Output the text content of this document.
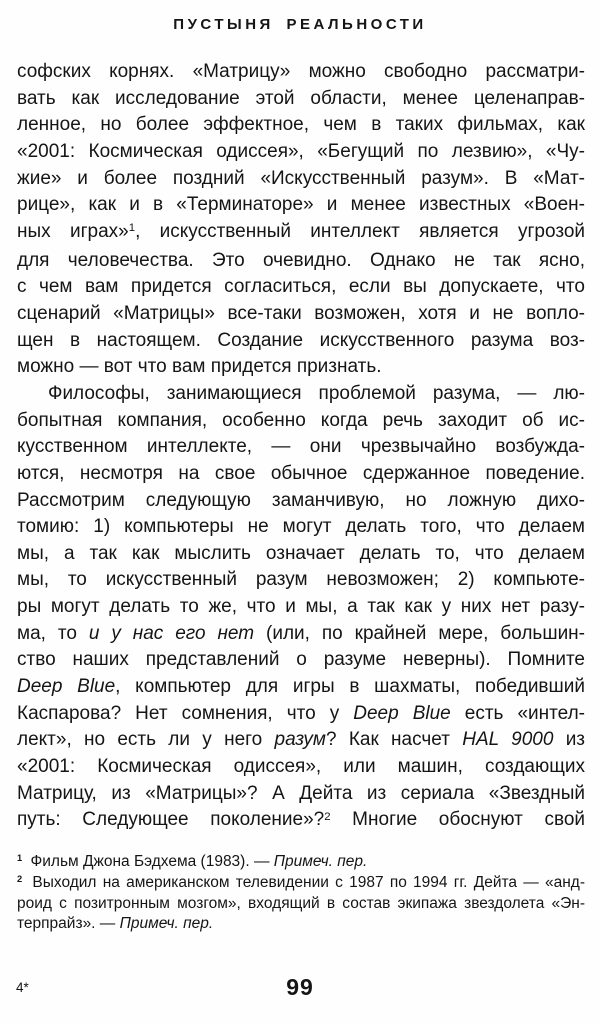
ПУСТЫНЯ РЕАЛЬНОСТИ
софских корнях. «Матрицу» можно свободно рассматри-
вать как исследование этой области, менее целенаправ-
ленное, но более эффектное, чем в таких фильмах, как
«2001: Космическая одиссея», «Бегущий по лезвию», «Чу-
жие» и более поздний «Искусственный разум». В «Мат-
рице», как и в «Терминаторе» и менее известных «Воен-
ных играх»$^1$, искусственный интеллект является угрозой
для человечества. Это очевидно. Однако не так ясно,
с чем вам придется согласиться, если вы допускаете, что
сценарий «Матрицы» все-таки возможен, хотя и не вопло-
щен в настоящем. Создание искусственного разума воз-
можно — вот что вам придется признать.
Философы, занимающиеся проблемой разума, — лю-
бопытная компания, особенно когда речь заходит об ис-
кусственном интеллекте, — они чрезвычайно возбужда-
ются, несмотря на свое обычное сдержанное поведение.
Рассмотрим следующую заманчивую, но ложную дихо-
томию: 1) компьютеры не могут делать того, что делаем
мы, а так как мыслить означает делать то, что делаем
мы, то искусственный разум невозможен; 2) компьюте-
ры могут делать то же, что и мы, а так как у них нет разу-
ма, то и у нас его нет (или, по крайней мере, большин-
ство наших представлений о разуме неверны). Помните
Deep Blue, компьютер для игры в шахматы, победивший
Каспарова? Нет сомнения, что у Deep Blue есть «интел-
лект», но есть ли у него разум? Как насчет HAL 9000 из
«2001: Космическая одиссея», или машин, создающих
Матрицу, из «Матрицы»? А Дейта из сериала «Звездный
путь: Следующее поколение»?$^2$ Многие обоснуют свой
$^1$ Фильм Джона Бэдхема (1983). — Примеч. пер.
$^2$ Выходил на американском телевидении с 1987 по 1994 гг. Дейта — «анд-
роид с позитронным мозгом», входящий в состав экипажа звездолета «Эн-
терпрайз». — Примеч. пер.
4*	99
